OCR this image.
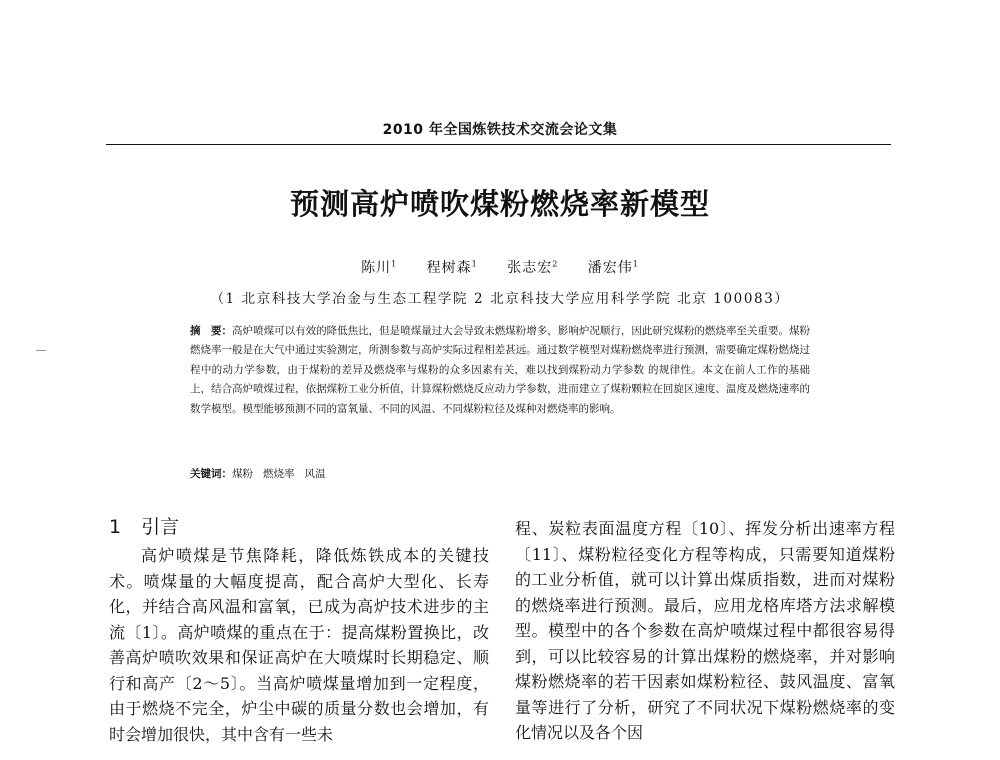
2010 年全国炼铁技术交流会论文集
预测高炉喷吹煤粉燃烧率新模型
陈川$^1$ 程树森$^1$ 张志宏$^2$ 潘宏伟$^1$
（1 北京科技大学冶金与生态工程学院 2 北京科技大学应用科学学院 北京 100083）
摘　要：高炉喷煤可以有效的降低焦比，但是喷煤量过大会导致未燃煤粉增多，影响炉况顺行，因此研究煤粉的燃烧率至关重要。煤粉燃烧率一般是在大气中通过实验测定，所测参数与高炉实际过程相差甚远。通过数学模型对煤粉燃烧率进行预测，需要确定煤粉燃烧过程中的动力学参数，由于煤粉的差异及燃烧率与煤粉的众多因素有关，难以找到煤粉动力学参数 的规律性。本文在前人工作的基础上，结合高炉喷煤过程，依据煤粉工业分析值，计算煤粉燃烧反应动力学参数，进而建立了煤粉颗粒在回旋区速度、温度及燃烧速率的数学模型。模型能够预测不同的富氧量、不同的风温、不同煤粉粒径及煤种对燃烧率的影响。
关键词：煤粉 燃烧率 风温
1 引言
高炉喷煤是节焦降耗，降低炼铁成本的关键技术。喷煤量的大幅度提高，配合高炉大型化、长寿化，并结合高风温和富氧，已成为高炉技术进步的主流〔1〕。高炉喷煤的重点在于：提高煤粉置换比，改善高炉喷吹效果和保证高炉在大喷煤时长期稳定、顺行和高产〔2～5〕。当高炉喷煤量增加到一定程度，由于燃烧不完全，炉尘中碳的质量分数也会增加，有时会增加很快，其中含有一些未
程、炭粒表面温度方程〔10〕、挥发分析出速率方程〔11〕、煤粉粒径变化方程等构成，只需要知道煤粉的工业分析值，就可以计算出煤质指数，进而对煤粉的燃烧率进行预测。最后，应用龙格库塔方法求解模型。模型中的各个参数在高炉喷煤过程中都很容易得到，可以比较容易的计算出煤粉的燃烧率，并对影响煤粉燃烧率的若干因素如煤粉粒径、鼓风温度、富氧量等进行了分析，研究了不同状况下煤粉燃烧率的变化情况以及各个因
